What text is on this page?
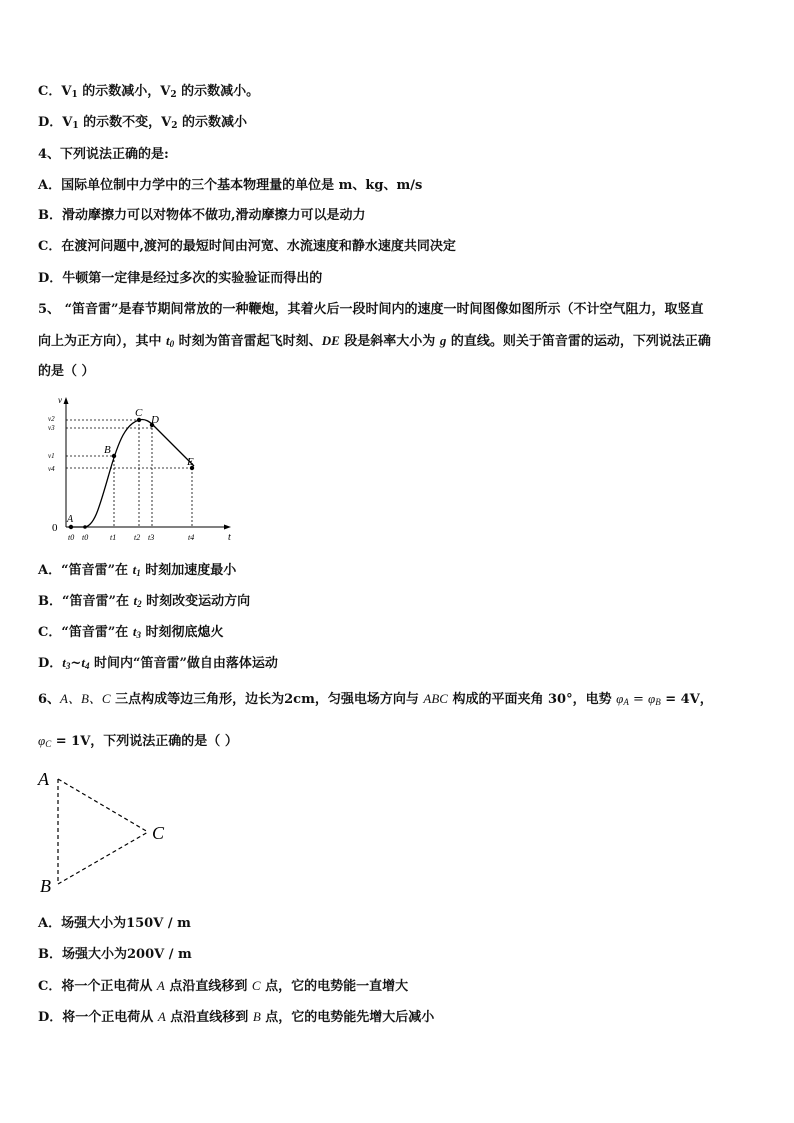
C．$V_1$ 的示数减小，$V_2$ 的示数减小。
D．$V_1$ 的示数不变，$V_2$ 的示数减小
4、下列说法正确的是:
A．国际单位制中力学中的三个基本物理量的单位是 m、kg、m/s
B．滑动摩擦力可以对物体不做功,滑动摩擦力可以是动力
C．在渡河问题中,渡河的最短时间由河宽、水流速度和静水速度共同决定
D．牛顿第一定律是经过多次的实验验证而得出的
5、 “笛音雷”是春节期间常放的一种鞭炮，其着火后一段时间内的速度一时间图像如图所示（不计空气阻力，取竖直
向上为正方向），其中 $t_0$ 时刻为笛音雷起飞时刻、DE 段是斜率大小为 g 的直线。则关于笛音雷的运动，下列说法正确
的是（ ）
v
t
0
A
B
C
D
E
v2
v3
v1
v4
t0 t0	t1 t2 t3	t4
A．“笛音雷”在 $t_1$ 时刻加速度最小
B．“笛音雷”在 $t_2$ 时刻改变运动方向
C．“笛音雷”在 $t_3$ 时刻彻底熄火
D．$t_3\sim t_4$ 时间内“笛音雷”做自由落体运动
6、A、B、C 三点构成等边三角形，边长为2cm，匀强电场方向与 ABC 构成的平面夹角 30°，电势 $\varphi_A = \varphi_B = 4V$，
$\varphi_C = 1V$，下列说法正确的是（ ）
A
B
C
A．场强大小为150V / m
B．场强大小为200V / m
C．将一个正电荷从 A 点沿直线移到 C 点，它的电势能一直增大
D．将一个正电荷从 A 点沿直线移到 B 点，它的电势能先增大后减小
